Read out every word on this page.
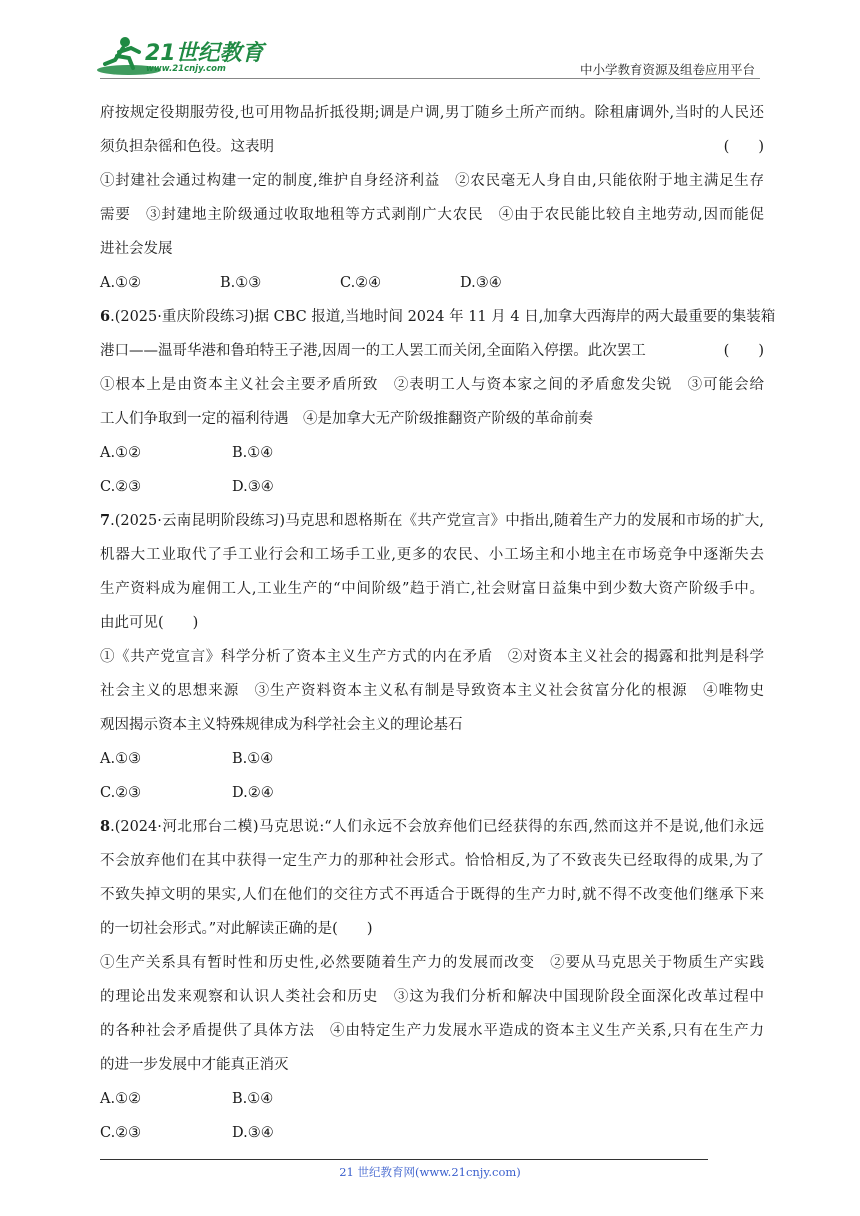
21世纪教育
www.21cnjy.com	中小学教育资源及组卷应用平台
府按规定役期服劳役,也可用物品折抵役期;调是户调,男丁随乡土所产而纳。除租庸调外,当时的人民还
须负担杂徭和色役。这表明	(　　)
①封建社会通过构建一定的制度,维护自身经济利益　②农民毫无人身自由,只能依附于地主满足生存
需要　③封建地主阶级通过收取地租等方式剥削广大农民　④由于农民能比较自主地劳动,因而能促
进社会发展
A.①②	B.①③	C.②④	D.③④
6.(2025·重庆阶段练习)据 CBC 报道,当地时间 2024 年 11 月 4 日,加拿大西海岸的两大最重要的集装箱
港口——温哥华港和鲁珀特王子港,因周一的工人罢工而关闭,全面陷入停摆。此次罢工	(　　)
①根本上是由资本主义社会主要矛盾所致　②表明工人与资本家之间的矛盾愈发尖锐　③可能会给
工人们争取到一定的福利待遇　④是加拿大无产阶级推翻资产阶级的革命前奏
A.①②	B.①④
C.②③	D.③④
7.(2025·云南昆明阶段练习)马克思和恩格斯在《共产党宣言》中指出,随着生产力的发展和市场的扩大,
机器大工业取代了手工业行会和工场手工业,更多的农民、小工场主和小地主在市场竞争中逐渐失去
生产资料成为雇佣工人,工业生产的“中间阶级”趋于消亡,社会财富日益集中到少数大资产阶级手中。
由此可见(　　)
①《共产党宣言》科学分析了资本主义生产方式的内在矛盾　②对资本主义社会的揭露和批判是科学
社会主义的思想来源　③生产资料资本主义私有制是导致资本主义社会贫富分化的根源　④唯物史
观因揭示资本主义特殊规律成为科学社会主义的理论基石
A.①③	B.①④
C.②③	D.②④
8.(2024·河北邢台二模)马克思说:“人们永远不会放弃他们已经获得的东西,然而这并不是说,他们永远
不会放弃他们在其中获得一定生产力的那种社会形式。恰恰相反,为了不致丧失已经取得的成果,为了
不致失掉文明的果实,人们在他们的交往方式不再适合于既得的生产力时,就不得不改变他们继承下来
的一切社会形式。”对此解读正确的是(　　)
①生产关系具有暂时性和历史性,必然要随着生产力的发展而改变　②要从马克思关于物质生产实践
的理论出发来观察和认识人类社会和历史　③这为我们分析和解决中国现阶段全面深化改革过程中
的各种社会矛盾提供了具体方法　④由特定生产力发展水平造成的资本主义生产关系,只有在生产力
的进一步发展中才能真正消灭
A.①②	B.①④
C.②③	D.③④
21 世纪教育网(www.21cnjy.com)
